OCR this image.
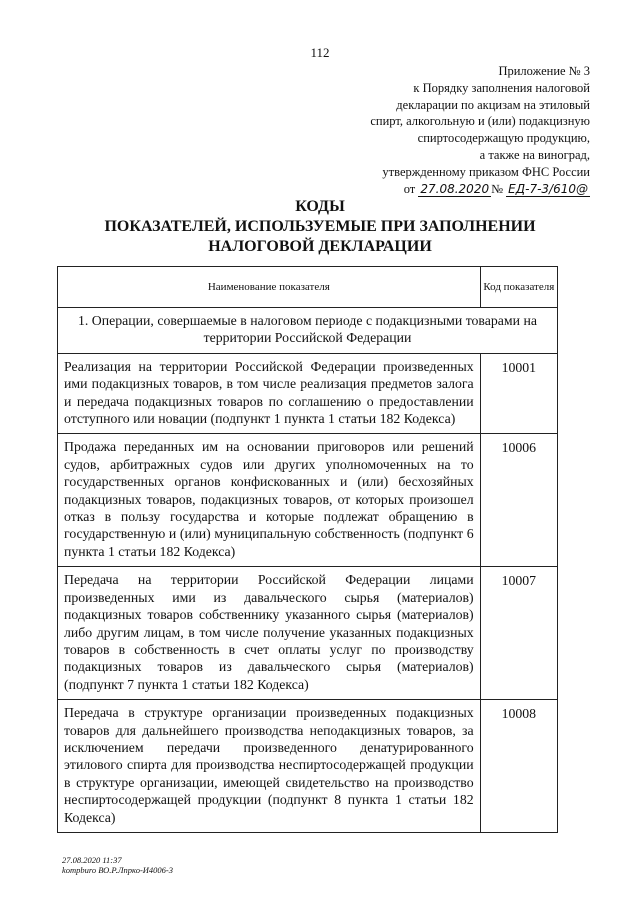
112
Приложение № 3
к Порядку заполнения налоговой
декларации по акцизам на этиловый
спирт, алкогольную и (или) подакцизную
спиртосодержащую продукцию,
а также на виноград,
утвержденному приказом ФНС России
от 27.08.2020 № ЕД-7-3/610@
КОДЫ
ПОКАЗАТЕЛЕЙ, ИСПОЛЬЗУЕМЫЕ ПРИ ЗАПОЛНЕНИИ
НАЛОГОВОЙ ДЕКЛАРАЦИИ
Наименование показателя	Код показателя
1. Операции, совершаемые в налоговом периоде с подакцизными товарами на территории Российской Федерации	
Реализация на территории Российской Федерации произведенных ими подакцизных товаров, в том числе реализация предметов залога и передача подакцизных товаров по соглашению о предоставлении отступного или новации (подпункт 1 пункта 1 статьи 182 Кодекса)	10001
Продажа переданных им на основании приговоров или решений судов, арбитражных судов или других уполномоченных на то государственных органов конфискованных и (или) бесхозяйных подакцизных товаров, подакцизных товаров, от которых произошел отказ в пользу государства и которые подлежат обращению в государственную и (или) муниципальную собственность (подпункт 6 пункта 1 статьи 182 Кодекса)	10006
Передача на территории Российской Федерации лицами произведенных ими из давальческого сырья (материалов) подакцизных товаров собственнику указанного сырья (материалов) либо другим лицам, в том числе получение указанных подакцизных товаров в собственность в счет оплаты услуг по производству подакцизных товаров из давальческого сырья (материалов) (подпункт 7 пункта 1 статьи 182 Кодекса)	10007
Передача в структуре организации произведенных подакцизных товаров для дальнейшего производства неподакцизных товаров, за исключением передачи произведенного денатурированного этилового спирта для производства неспиртосодержащей продукции в структуре организации, имеющей свидетельство на производство неспиртосодержащей продукции (подпункт 8 пункта 1 статьи 182 Кодекса)	10008
27.08.2020 11:37
kompburo ВО.Р.Лпрко-И4006-3
